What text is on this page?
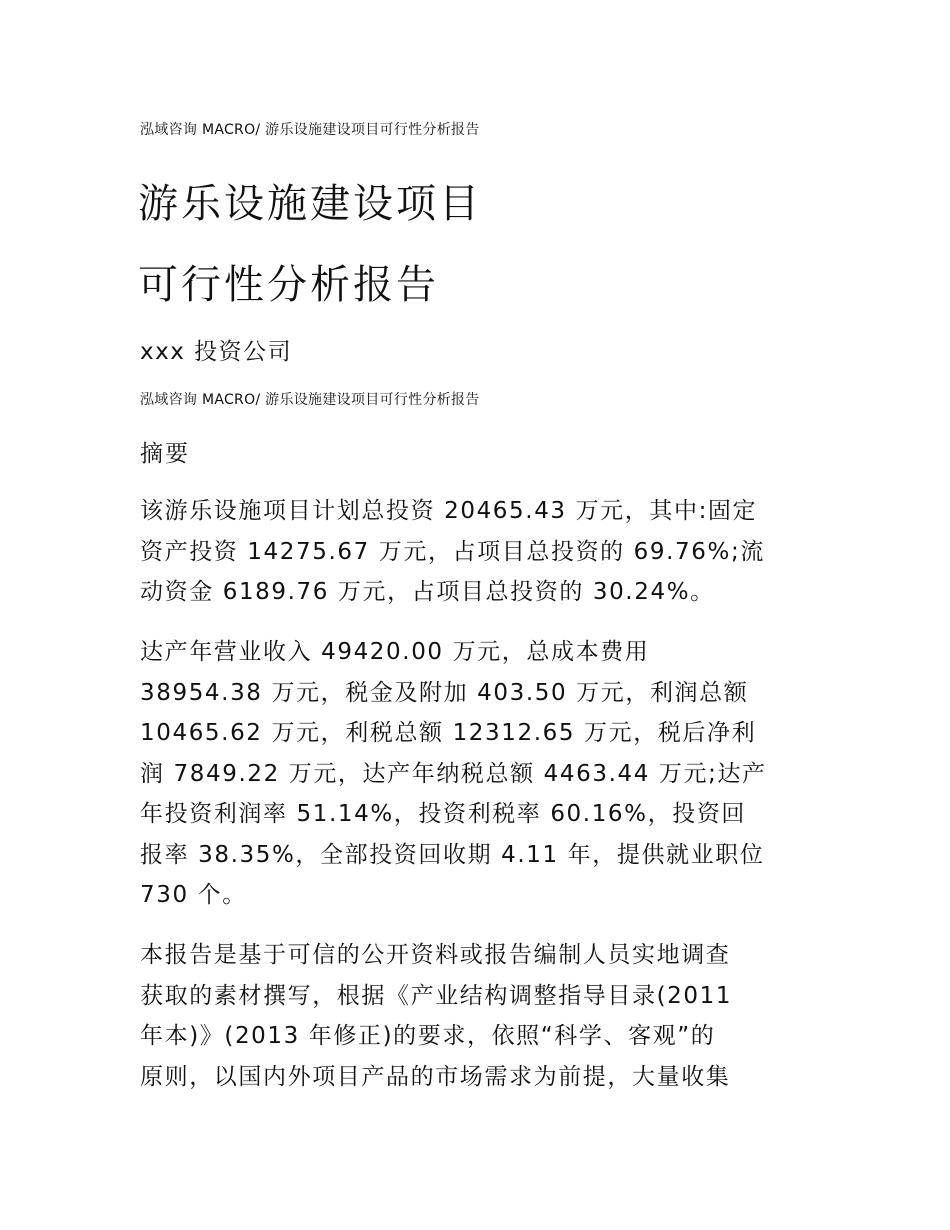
泓域咨询 MACRO/ 游乐设施建设项目可行性分析报告
游乐设施建设项目
可行性分析报告
xxx 投资公司
泓域咨询 MACRO/ 游乐设施建设项目可行性分析报告
摘要

该游乐设施项目计划总投资 20465.43 万元，其中:固定
资产投资 14275.67 万元，占项目总投资的 69.76%;流
动资金 6189.76 万元，占项目总投资的 30.24%。

达产年营业收入 49420.00 万元，总成本费用
38954.38 万元，税金及附加 403.50 万元，利润总额
10465.62 万元，利税总额 12312.65 万元，税后净利
润 7849.22 万元，达产年纳税总额 4463.44 万元;达产
年投资利润率 51.14%，投资利税率 60.16%，投资回
报率 38.35%，全部投资回收期 4.11 年，提供就业职位
730 个。

本报告是基于可信的公开资料或报告编制人员实地调查
获取的素材撰写，根据《产业结构调整指导目录(2011
年本)》(2013 年修正)的要求，依照“科学、客观”的
原则，以国内外项目产品的市场需求为前提，大量收集
